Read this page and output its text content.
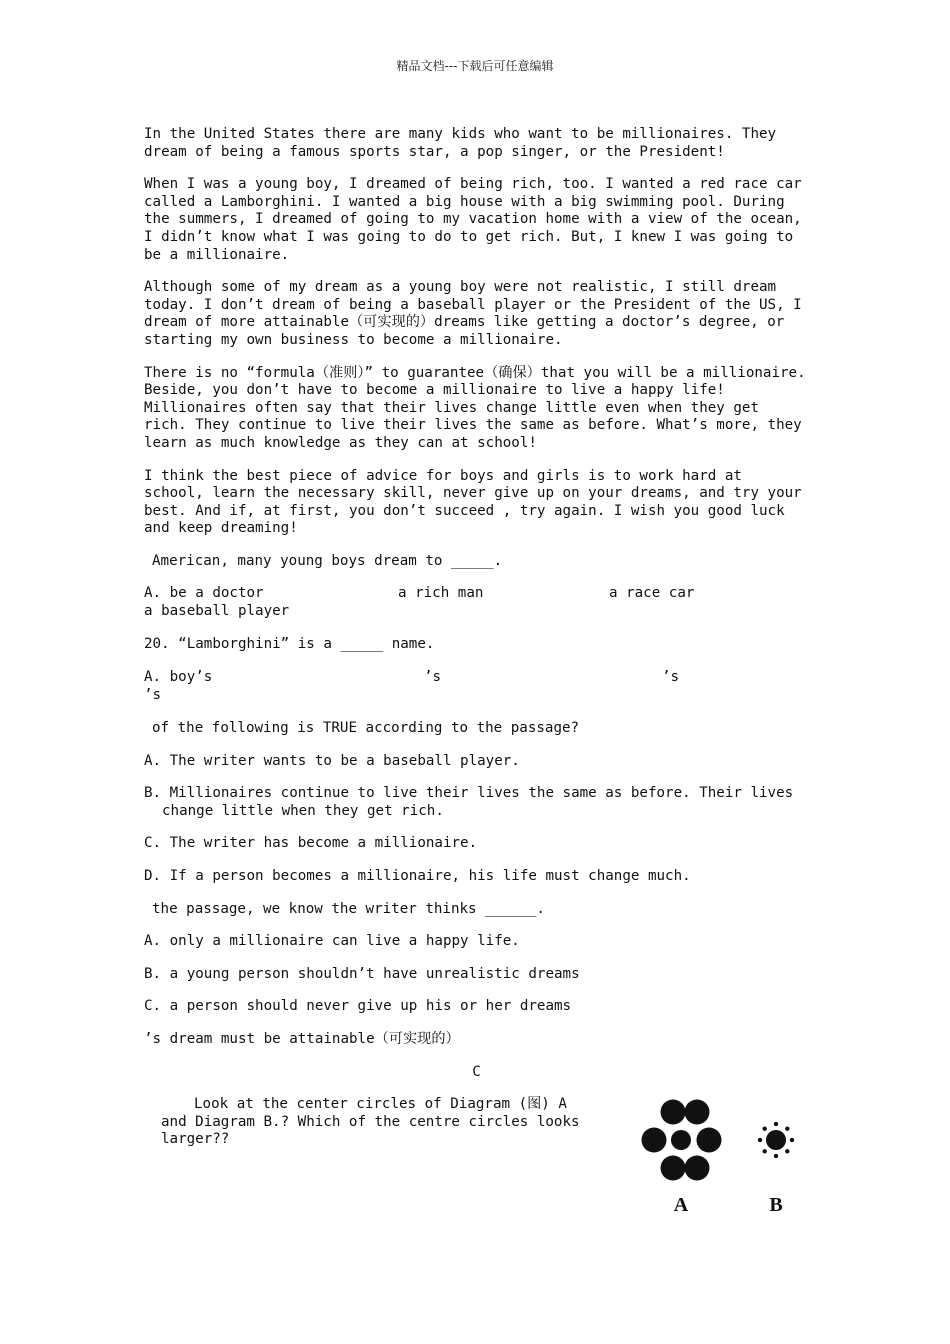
精品文档---下载后可任意编辑

In the United States there are many kids who want to be millionaires. They dream of being a famous sports star, a pop singer, or the President!

When I was a young boy, I dreamed of being rich, too. I wanted a red race car called a Lamborghini. I wanted a big house with a big swimming pool. During the summers, I dreamed of going to my vacation home with a view of the ocean, I didn’t know what I was going to do to get rich. But, I knew I was going to be a millionaire.

Although some of my dream as a young boy were not realistic, I still dream today. I don’t dream of being a baseball player or the President of the US, I dream of more attainable（可实现的）dreams like getting a doctor’s degree, or starting my own business to become a millionaire.

There is no “formula（准则）” to guarantee（确保）that you will be a millionaire. Beside, you don’t have to become a millionaire to live a happy life! Millionaires often say that their lives change little even when they get rich. They continue to live their lives the same as before. What’s more, they learn as much knowledge as they can at school!

I think the best piece of advice for boys and girls is to work hard at school, learn the necessary skill, never give up on your dreams, and try your best. And if, at first, you don’t succeed , try again. I wish you good luck and keep dreaming!

American, many young boys dream to _____.

A. be a doctor	a rich man	a race car
a baseball player

20. “Lamborghini” is a _____ name.

A. boy’s	’s	’s
’s

of the following is TRUE according to the passage?

A. The writer wants to be a baseball player.

B. Millionaires continue to live their lives the same as before. Their lives change little when they get rich.

C. The writer has become a millionaire.

D. If a person becomes a millionaire, his life must change much.

the passage, we know the writer thinks ______.

A. only a millionaire can live a happy life.

B. a young person shouldn’t have unrealistic dreams

C. a person should never give up his or her dreams

’s dream must be attainable（可实现的）

C

Look at the center circles of Diagram (图) A and Diagram B.? Which of the centre circles looks larger??
A	B
